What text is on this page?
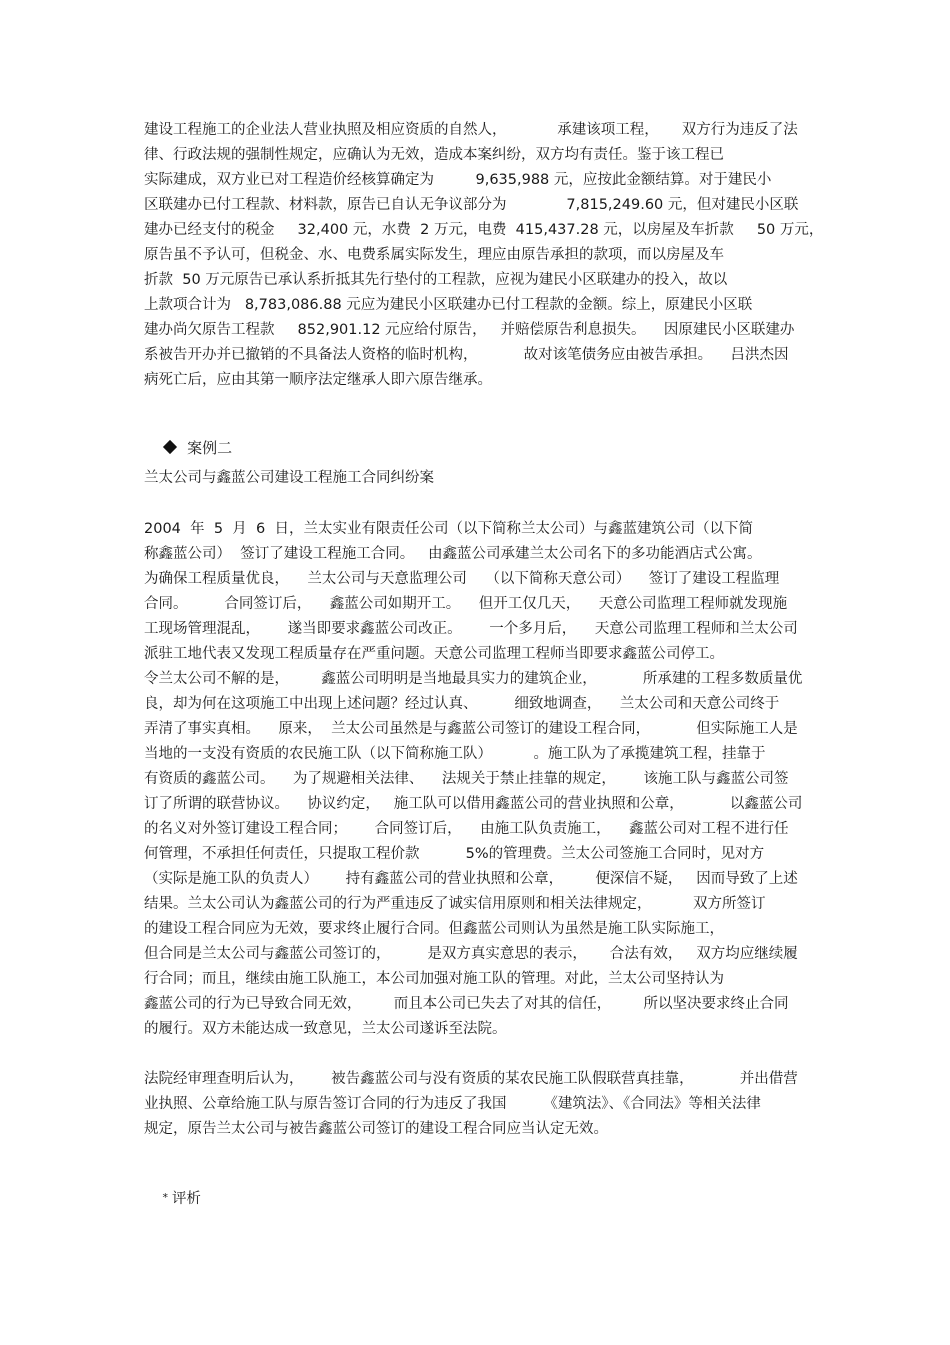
建设工程施工的企业法人营业执照及相应资质的自然人，           承建该项工程，     双方行为违反了法
律、行政法规的强制性规定，应确认为无效，造成本案纠纷，双方均有责任。鉴于该工程已
实际建成，双方业已对工程造价经核算确定为         9,635,988 元，应按此金额结算。对于建民小
区联建办已付工程款、材料款，原告已自认无争议部分为             7,815,249.60 元，但对建民小区联
建办已经支付的税金     32,400 元，水费  2 万元，电费  415,437.28 元，以房屋及车折款     50 万元，
原告虽不予认可，但税金、水、电费系属实际发生，理应由原告承担的款项，而以房屋及车
折款  50 万元原告已承认系折抵其先行垫付的工程款，应视为建民小区联建办的投入，故以
上款项合计为   8,783,086.88 元应为建民小区联建办已付工程款的金额。综上，原建民小区联
建办尚欠原告工程款     852,901.12 元应给付原告，   并赔偿原告利息损失。    因原建民小区联建办
系被告开办并已撤销的不具备法人资格的临时机构，          故对该笔债务应由被告承担。    吕洪杰因
病死亡后，应由其第一顺序法定继承人即六原告继承。

案例二

兰太公司与鑫蓝公司建设工程施工合同纠纷案
2004  年  5  月  6  日，兰太实业有限责任公司（以下简称兰太公司）与鑫蓝建筑公司（以下简
称鑫蓝公司）  签订了建设工程施工合同。   由鑫蓝公司承建兰太公司名下的多功能酒店式公寓。
为确保工程质量优良，    兰太公司与天意监理公司    （以下简称天意公司）    签订了建设工程监理
合同。        合同签订后，    鑫蓝公司如期开工。    但开工仅几天，    天意公司监理工程师就发现施
工现场管理混乱，      遂当即要求鑫蓝公司改正。      一个多月后，    天意公司监理工程师和兰太公司
派驻工地代表又发现工程质量存在严重问题。天意公司监理工程师当即要求鑫蓝公司停工。
令兰太公司不解的是，       鑫蓝公司明明是当地最具实力的建筑企业，          所承建的工程多数质量优
良，却为何在这项施工中出现上述问题？经过认真、        细致地调查，    兰太公司和天意公司终于
弄清了事实真相。    原来，  兰太公司虽然是与鑫蓝公司签订的建设工程合同，          但实际施工人是
当地的一支没有资质的农民施工队（以下简称施工队）         。施工队为了承揽建筑工程，挂靠于
有资质的鑫蓝公司。    为了规避相关法律、    法规关于禁止挂靠的规定，      该施工队与鑫蓝公司签
订了所谓的联营协议。    协议约定，   施工队可以借用鑫蓝公司的营业执照和公章，          以鑫蓝公司
的名义对外签订建设工程合同；      合同签订后，    由施工队负责施工，    鑫蓝公司对工程不进行任
何管理，不承担任何责任，只提取工程价款          5%的管理费。兰太公司签施工合同时，见对方
（实际是施工队的负责人）      持有鑫蓝公司的营业执照和公章，       便深信不疑，   因而导致了上述
结果。兰太公司认为鑫蓝公司的行为严重违反了诚实信用原则和相关法律规定，         双方所签订
的建设工程合同应为无效，要求终止履行合同。但鑫蓝公司则认为虽然是施工队实际施工，
但合同是兰太公司与鑫蓝公司签订的，        是双方真实意思的表示，     合法有效，   双方均应继续履
行合同；而且，继续由施工队施工，本公司加强对施工队的管理。对此，兰太公司坚持认为
鑫蓝公司的行为已导致合同无效，       而且本公司已失去了对其的信任，       所以坚决要求终止合同
的履行。双方未能达成一致意见，兰太公司遂诉至法院。
法院经审理查明后认为，      被告鑫蓝公司与没有资质的某农民施工队假联营真挂靠，          并出借营
业执照、公章给施工队与原告签订合同的行为违反了我国        《建筑法》、《合同法》等相关法律
规定，原告兰太公司与被告鑫蓝公司签订的建设工程合同应当认定无效。

* 评析
